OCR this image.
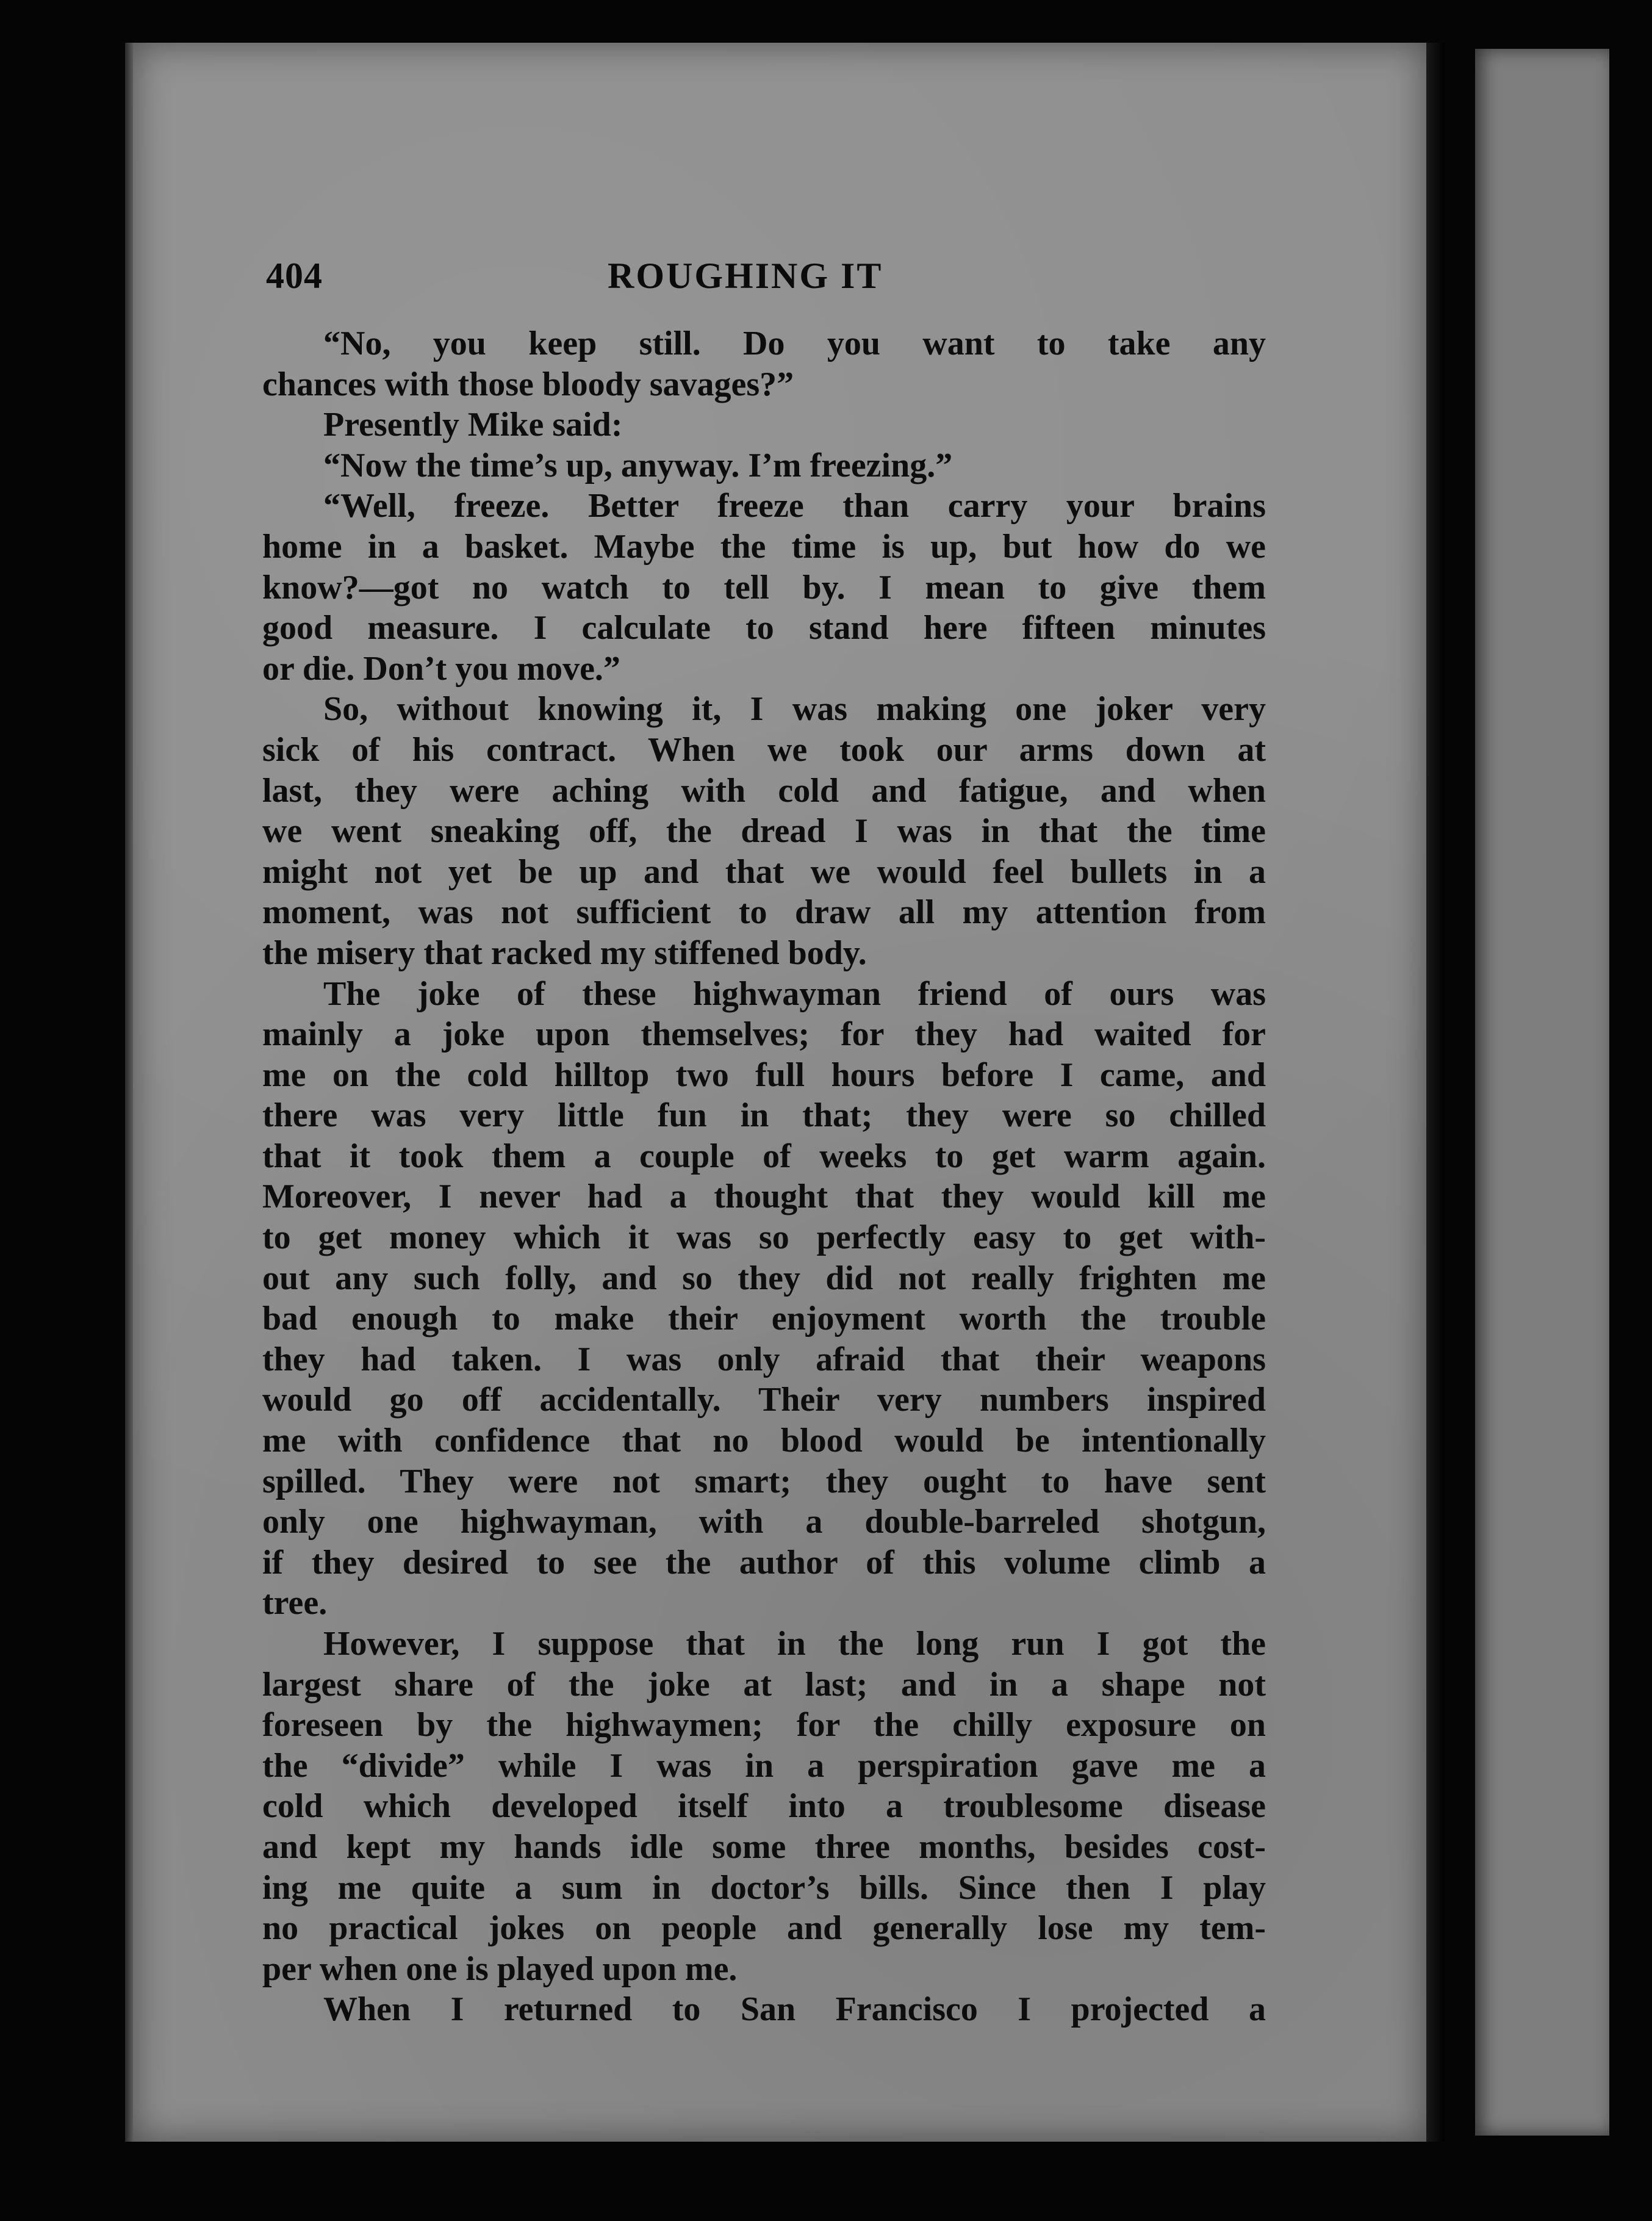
404	ROUGHING IT
“No, you keep still. Do you want to take any
chances with those bloody savages?”
Presently Mike said:
“Now the time’s up, anyway. I’m freezing.”
“Well, freeze. Better freeze than carry your brains
home in a basket. Maybe the time is up, but how do we
know?—got no watch to tell by. I mean to give them
good measure. I calculate to stand here fifteen minutes
or die. Don’t you move.”
So, without knowing it, I was making one joker very
sick of his contract. When we took our arms down at
last, they were aching with cold and fatigue, and when
we went sneaking off, the dread I was in that the time
might not yet be up and that we would feel bullets in a
moment, was not sufficient to draw all my attention from
the misery that racked my stiffened body.
The joke of these highwayman friend of ours was
mainly a joke upon themselves; for they had waited for
me on the cold hilltop two full hours before I came, and
there was very little fun in that; they were so chilled
that it took them a couple of weeks to get warm again.
Moreover, I never had a thought that they would kill me
to get money which it was so perfectly easy to get with-
out any such folly, and so they did not really frighten me
bad enough to make their enjoyment worth the trouble
they had taken. I was only afraid that their weapons
would go off accidentally. Their very numbers inspired
me with confidence that no blood would be intentionally
spilled. They were not smart; they ought to have sent
only one highwayman, with a double-barreled shotgun,
if they desired to see the author of this volume climb a
tree.
However, I suppose that in the long run I got the
largest share of the joke at last; and in a shape not
foreseen by the highwaymen; for the chilly exposure on
the “divide” while I was in a perspiration gave me a
cold which developed itself into a troublesome disease
and kept my hands idle some three months, besides cost-
ing me quite a sum in doctor’s bills. Since then I play
no practical jokes on people and generally lose my tem-
per when one is played upon me.
When I returned to San Francisco I projected a
